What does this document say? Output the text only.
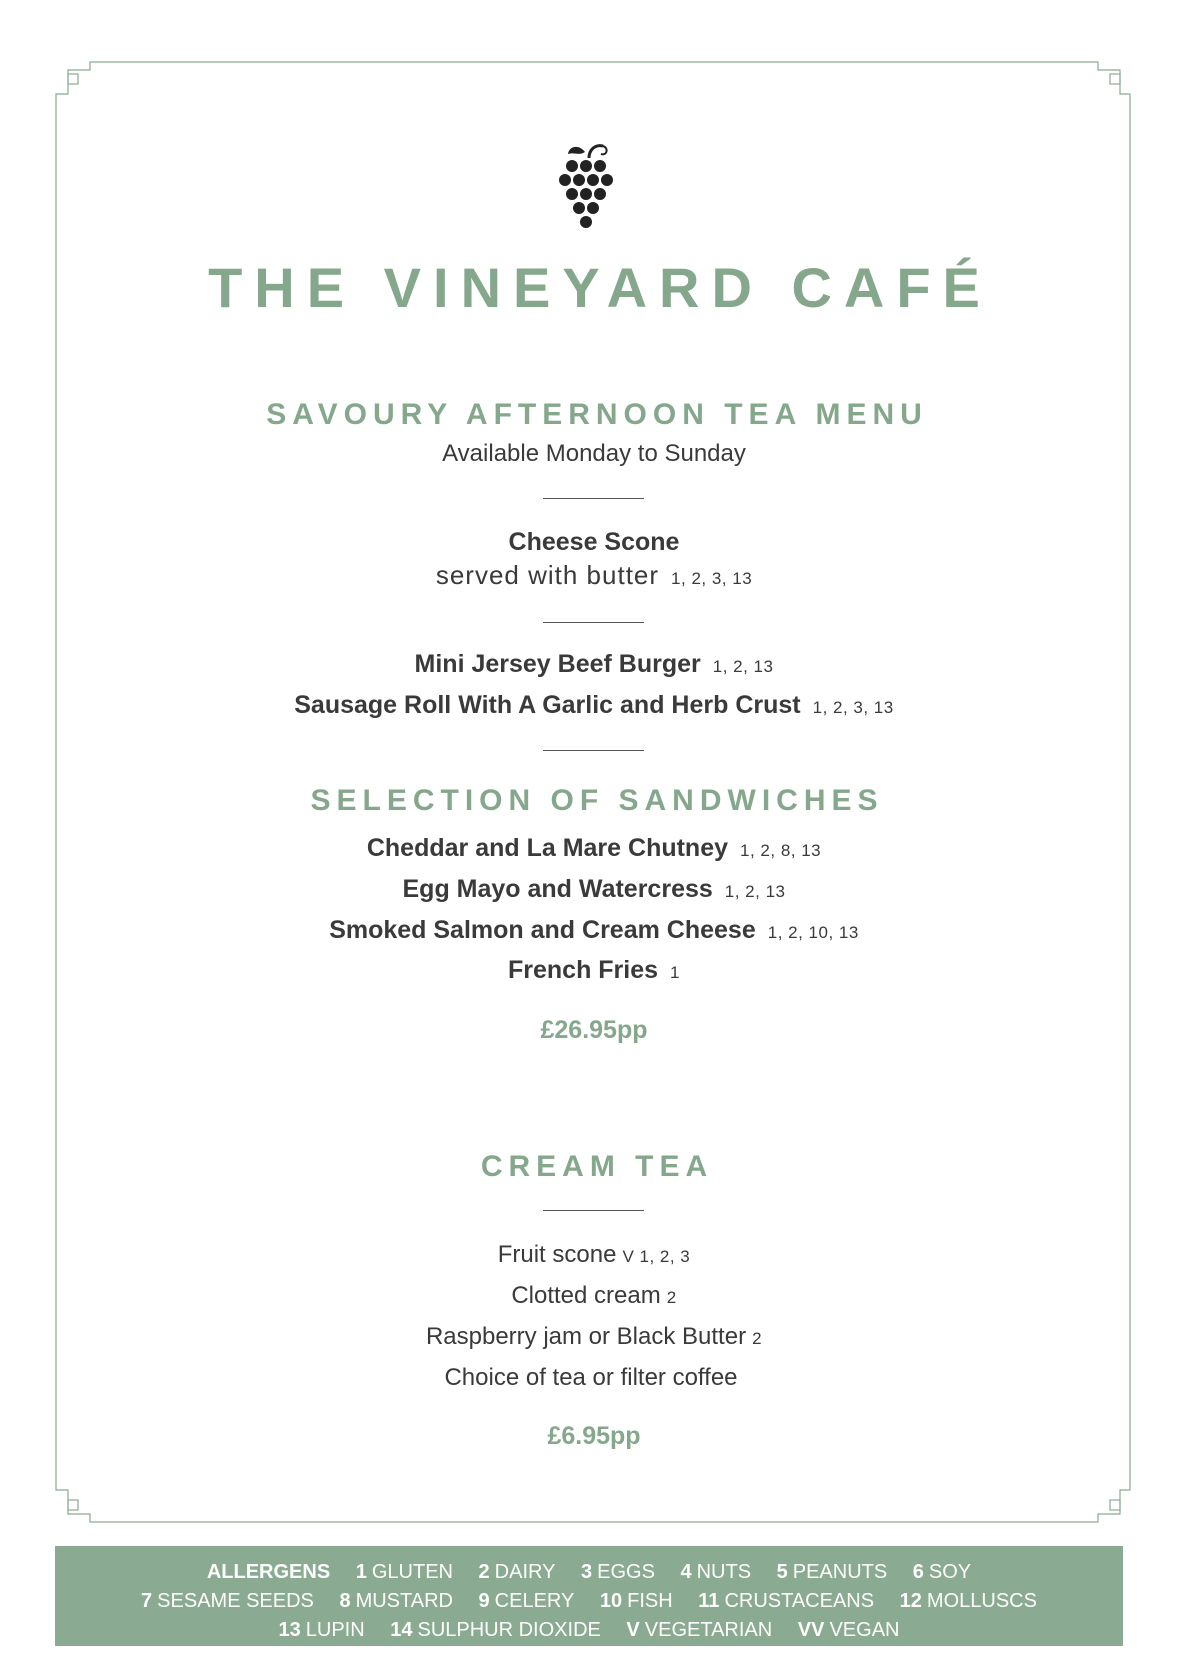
THE VINEYARD CAFÉ
SAVOURY AFTERNOON TEA MENU

Available Monday to Sunday

Cheese Scone

served with butter 1, 2, 3, 13

Mini Jersey Beef Burger 1, 2, 13

Sausage Roll With A Garlic and Herb Crust 1, 2, 3, 13

SELECTION OF SANDWICHES

Cheddar and La Mare Chutney 1, 2, 8, 13

Egg Mayo and Watercress 1, 2, 13

Smoked Salmon and Cream Cheese 1, 2, 10, 13

French Fries 1

£26.95pp

CREAM TEA

Fruit scone V 1, 2, 3

Clotted cream 2

Raspberry jam or Black Butter 2

Choice of tea or filter coffee

£6.95pp

ALLERGENS 1 GLUTEN 2 DAIRY 3 EGGS 4 NUTS 5 PEANUTS 6 SOY
7 SESAME SEEDS 8 MUSTARD 9 CELERY 10 FISH 11 CRUSTACEANS 12 MOLLUSCS
13 LUPIN 14 SULPHUR DIOXIDE V VEGETARIAN VV VEGAN
